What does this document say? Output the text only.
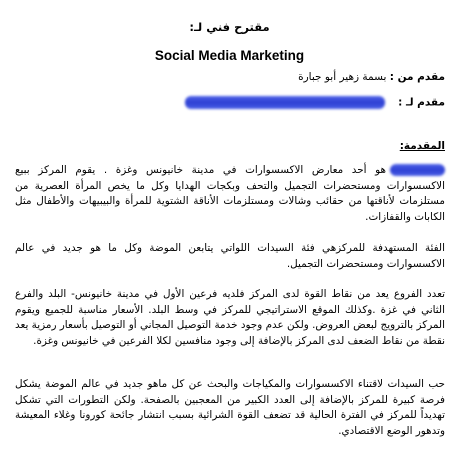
مقترح فني لـ:
Social Media Marketing
مقدم من : بسمة زهير أبو جبارة
مقدم لـ :
المقدمة:
هو أحد معارض الاكسسوارات في مدينة خانيونس وغزة . يقوم المركز ببيع الاكسسوارات ومستحضرات التجميل والتحف وبكجات الهدايا وكل ما يخص المرأة العصرية من مستلزمات لأناقتها من حقائب وشالات ومستلزمات الأناقة الشتوية للمرأة والبيبيهات والأطفال مثل الكابات والقفازات.
الفئة المستهدفة للمركزهي فئة السيدات اللواتي يتابعن الموضة وكل ما هو جديد في عالم الاكسسوارات ومستحضرات التجميل.
تعدد الفروع يعد من نقاط القوة لدى المركز فلديه فرعين الأول في مدينة خانيونس- البلد والفرع الثاني في غزة .وكذلك الموقع الاستراتيجي للمركز في وسط البلد. الأسعار مناسبة للجميع ويقوم المركز بالترويج لبعض العروض. ولكن عدم وجود خدمة التوصيل المجاني أو التوصيل بأسعار رمزية يعد نقطة من نقاط الضعف لدى المركز بالإضافة إلى وجود منافسين لكلا الفرعين في خانيونس وغزة.
حب السيدات لاقتناء الاكسسوارات والمكياجات والبحث عن كل ماهو جديد في عالم الموضة يشكل فرصة كبيرة للمركز بالإضافة إلى العدد الكبير من المعجبين بالصفحة. ولكن التطورات التي تشكل تهديداً للمركز في الفترة الحالية قد تضعف القوة الشرائية بسبب انتشار جائحة كورونا وغلاء المعيشة وتدهور الوضع الاقتصادي.
